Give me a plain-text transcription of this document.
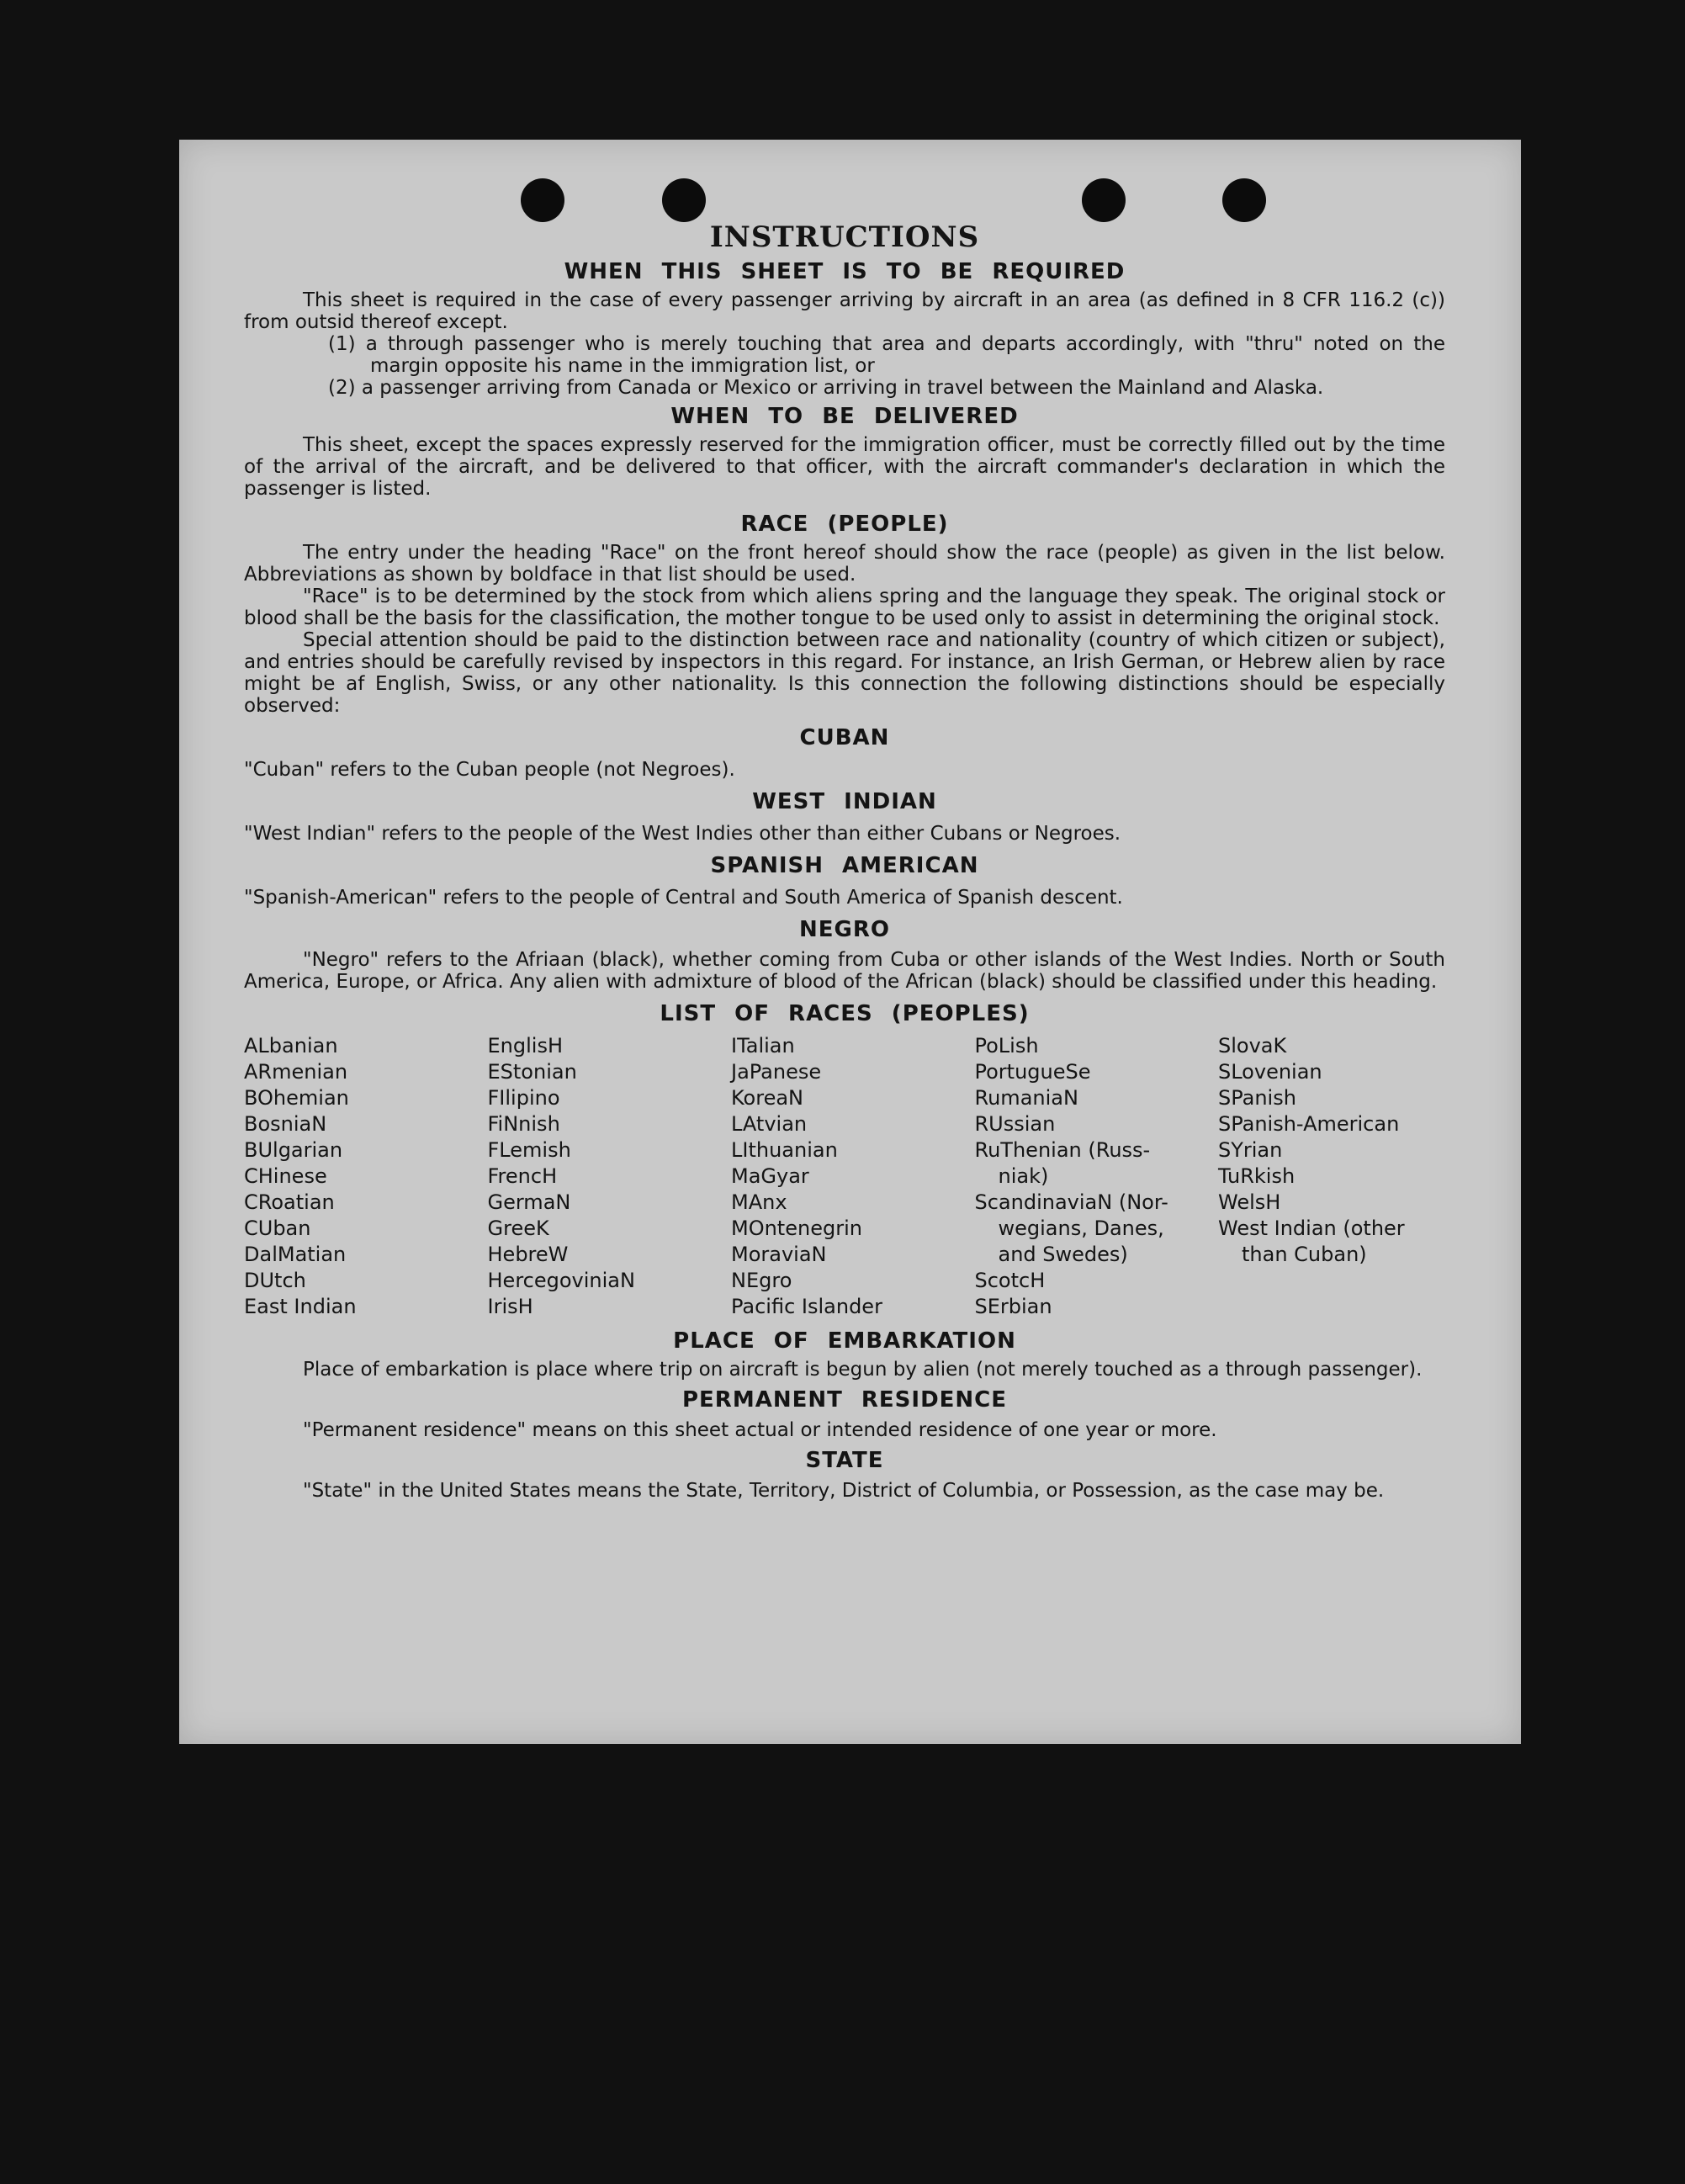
INSTRUCTIONS
WHEN THIS SHEET IS TO BE REQUIRED

This sheet is required in the case of every passenger arriving by aircraft in an area (as defined in 8 CFR 116.2 (c)) from outsid thereof except.

(1) a through passenger who is merely touching that area and departs accordingly, with "thru" noted on the margin opposite his name in the immigration list, or
(2) a passenger arriving from Canada or Mexico or arriving in travel between the Mainland and Alaska.
WHEN TO BE DELIVERED

This sheet, except the spaces expressly reserved for the immigration officer, must be correctly filled out by the time of the arrival of the aircraft, and be delivered to that officer, with the aircraft commander's declaration in which the passenger is listed.

RACE (PEOPLE)

The entry under the heading "Race" on the front hereof should show the race (people) as given in the list below. Abbreviations as shown by boldface in that list should be used.

"Race" is to be determined by the stock from which aliens spring and the language they speak. The original stock or blood shall be the basis for the classification, the mother tongue to be used only to assist in determining the original stock.

Special attention should be paid to the distinction between race and nationality (country of which citizen or subject), and entries should be carefully revised by inspectors in this regard. For instance, an Irish German, or Hebrew alien by race might be af English, Swiss, or any other nationality. Is this connection the following distinctions should be especially observed:

CUBAN

"Cuban" refers to the Cuban people (not Negroes).

WEST INDIAN

"West Indian" refers to the people of the West Indies other than either Cubans or Negroes.

SPANISH AMERICAN

"Spanish-American" refers to the people of Central and South America of Spanish descent.

NEGRO

"Negro" refers to the Afriaan (black), whether coming from Cuba or other islands of the West Indies. North or South America, Europe, or Africa. Any alien with admixture of blood of the African (black) should be classified under this heading.

LIST OF RACES (PEOPLES)
ALbanian
ARmenian
BOhemian
BosniaN
BUlgarian
CHinese
CRoatian
CUban
DalMatian
DUtch
East Indian
EnglisH
EStonian
FIlipino
FiNnish
FLemish
FrencH
GermaN
GreeK
HebreW
HercegoviniaN
IrisH
ITalian
JaPanese
KoreaN
LAtvian
LIthuanian
MaGyar
MAnx
MOntenegrin
MoraviaN
NEgro
Pacific Islander
PoLish
PortugueSe
RumaniaN
RUssian
RuThenian (Russ-
niak)
ScandinaviaN (Nor-
wegians, Danes,
and Swedes)
ScotcH
SErbian
SlovaK
SLovenian
SPanish
SPanish-American
SYrian
TuRkish
WelsH
West Indian (other
than Cuban)
PLACE OF EMBARKATION

Place of embarkation is place where trip on aircraft is begun by alien (not merely touched as a through passenger).

PERMANENT RESIDENCE

"Permanent residence" means on this sheet actual or intended residence of one year or more.

STATE

"State" in the United States means the State, Territory, District of Columbia, or Possession, as the case may be.
